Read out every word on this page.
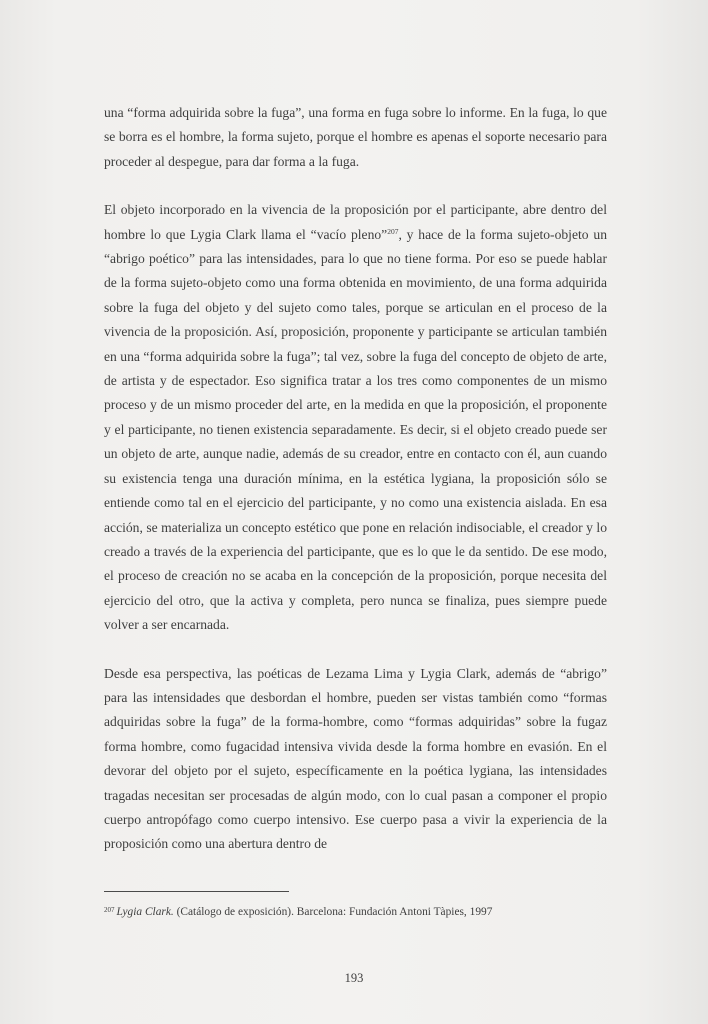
una “forma adquirida sobre la fuga”, una forma en fuga sobre lo informe. En la fuga, lo que se borra es el hombre, la forma sujeto, porque el hombre es apenas el soporte necesario para proceder al despegue, para dar forma a la fuga.

El objeto incorporado en la vivencia de la proposición por el participante, abre dentro del hombre lo que Lygia Clark llama el “vacío pleno”$^{207}$, y hace de la forma sujeto-objeto un “abrigo poético” para las intensidades, para lo que no tiene forma. Por eso se puede hablar de la forma sujeto-objeto como una forma obtenida en movimiento, de una forma adquirida sobre la fuga del objeto y del sujeto como tales, porque se articulan en el proceso de la vivencia de la proposición. Así, proposición, proponente y participante se articulan también en una “forma adquirida sobre la fuga”; tal vez, sobre la fuga del concepto de objeto de arte, de artista y de espectador. Eso significa tratar a los tres como componentes de un mismo proceso y de un mismo proceder del arte, en la medida en que la proposición, el proponente y el participante, no tienen existencia separadamente. Es decir, si el objeto creado puede ser un objeto de arte, aunque nadie, además de su creador, entre en contacto con él, aun cuando su existencia tenga una duración mínima, en la estética lygiana, la proposición sólo se entiende como tal en el ejercicio del participante, y no como una existencia aislada. En esa acción, se materializa un concepto estético que pone en relación indisociable, el creador y lo creado a través de la experiencia del participante, que es lo que le da sentido. De ese modo, el proceso de creación no se acaba en la concepción de la proposición, porque necesita del ejercicio del otro, que la activa y completa, pero nunca se finaliza, pues siempre puede volver a ser encarnada.

Desde esa perspectiva, las poéticas de Lezama Lima y Lygia Clark, además de “abrigo” para las intensidades que desbordan el hombre, pueden ser vistas también como “formas adquiridas sobre la fuga” de la forma-hombre, como “formas adquiridas” sobre la fugaz forma hombre, como fugacidad intensiva vivida desde la forma hombre en evasión. En el devorar del objeto por el sujeto, específicamente en la poética lygiana, las intensidades tragadas necesitan ser procesadas de algún modo, con lo cual pasan a componer el propio cuerpo antropófago como cuerpo intensivo. Ese cuerpo pasa a vivir la experiencia de la proposición como una abertura dentro de

$^{207}$ Lygia Clark. (Catálogo de exposición). Barcelona: Fundación Antoni Tàpies, 1997
193
